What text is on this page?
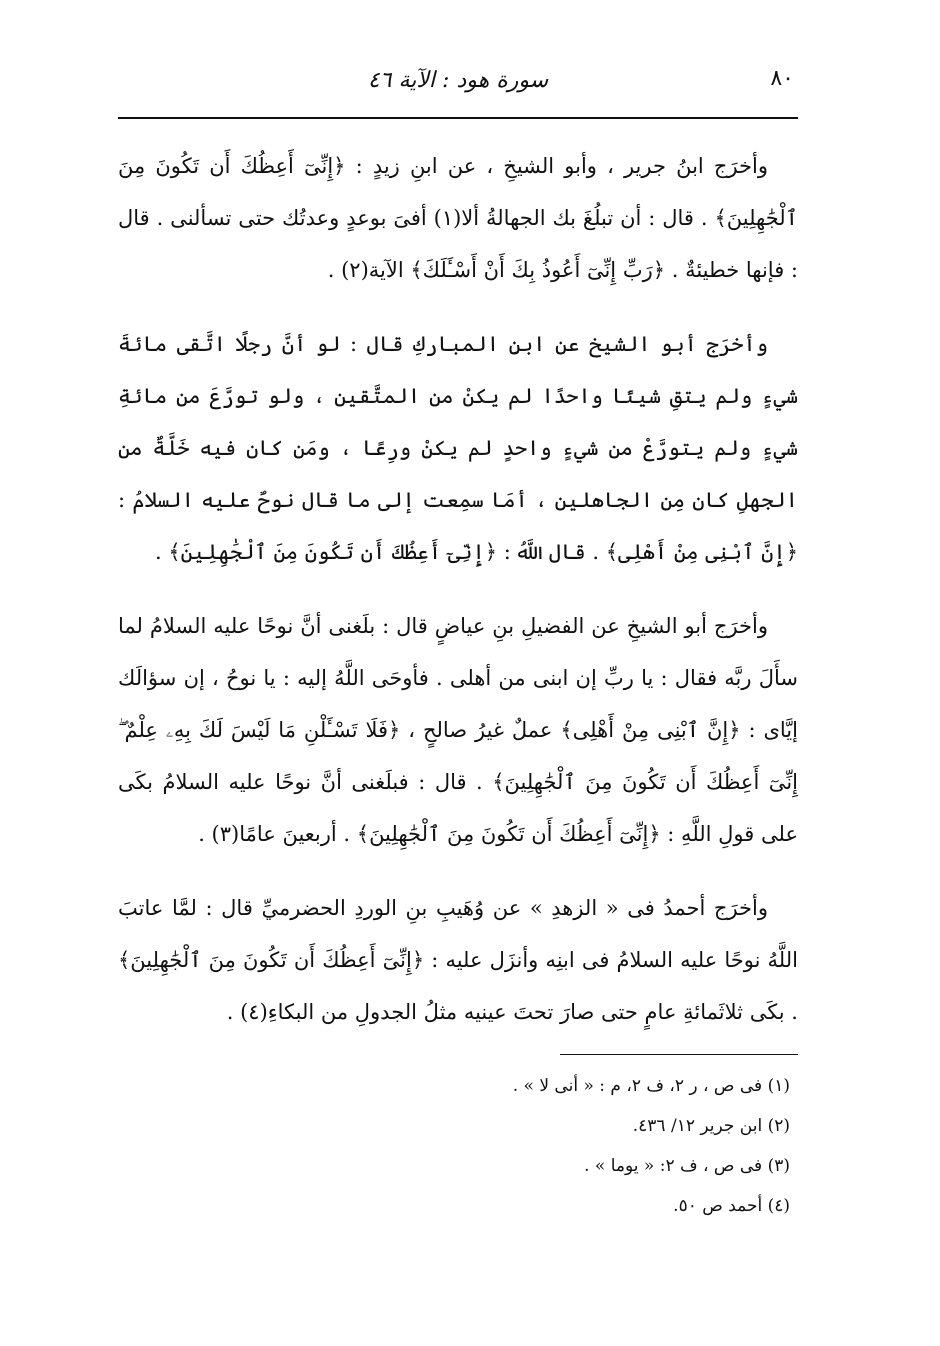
٨٠
سورة هود : الآية ٤٦

وأخرَج ابنُ جرير ، وأبو الشيخِ ، عن ابنِ زيدٍ : ﴿إِنِّىٓ أَعِظُكَ أَن تَكُونَ مِنَ ٱلْجَٰهِلِينَ﴾ . قال : أن تبلُغَ بك الجهالةُ ألا(١) أفىَ بوعدٍ وعدتُك حتى تسألنى . قال : فإنها خطيئةٌ . ﴿رَبِّ إِنِّىٓ أَعُوذُ بِكَ أَنْ أَسْـَٔلَكَ﴾ الآية(٢) .

وأخرَج أبو الشيخ عن ابنِ المباركِ قال : لو أنَّ رجلًا اتَّقى مائةَ شيءٍ ولم يتقِ شيئًا واحدًا لم يكنْ من المتَّقين ، ولو تورَّعَ من مائةِ شيءٍ ولم يتورَّعْ من شيءٍ واحدٍ لم يكنْ ورِعًا ، ومَن كان فيه خَلَّةٌ من الجهلِ كان مِن الجاهلين ، أمَا سمِعت إلى ما قال نوحٌ عليه السلامُ : ﴿إِنَّ ٱبْنِى مِنْ أَهْلِى﴾ . قال اللَّهُ : ﴿إِنِّىٓ أَعِظُكَ أَن تَكُونَ مِنَ ٱلْجَٰهِلِينَ﴾ .

وأخرَج أبو الشيخِ عن الفضيلِ بنِ عياضٍ قال : بلَغنى أنَّ نوحًا عليه السلامُ لما سأَلَ ربَّه فقال : يا ربِّ إن ابنى من أهلى . فأوحَى اللَّهُ إليه : يا نوحُ ، إن سؤالَك إيَّاى : ﴿إِنَّ ٱبْنِى مِنْ أَهْلِى﴾ عملٌ غيرُ صالحٍ ، ﴿فَلَا تَسْـَٔلْنِ مَا لَيْسَ لَكَ بِهِۦ عِلْمٌ ۖ إِنِّىٓ أَعِظُكَ أَن تَكُونَ مِنَ ٱلْجَٰهِلِينَ﴾ . قال : فبلَغنى أنَّ نوحًا عليه السلامُ بكَى على قولِ اللَّهِ : ﴿إِنِّىٓ أَعِظُكَ أَن تَكُونَ مِنَ ٱلْجَٰهِلِينَ﴾ . أربعينَ عامًا(٣) .

وأخرَج أحمدُ فى « الزهدِ » عن وُهَيبِ بنِ الوردِ الحضرميِّ قال : لمَّا عاتبَ اللَّهُ نوحًا عليه السلامُ فى ابنِه وأنزَل عليه : ﴿إِنِّىٓ أَعِظُكَ أَن تَكُونَ مِنَ ٱلْجَٰهِلِينَ﴾ . بكَى ثلاثَمائةِ عامٍ حتى صارَ تحتَ عينيه مثلُ الجدولِ من البكاءِ(٤) .

(١) فى ص ، ر ٢، ف ٢، م : « أنى لا » .
(٢) ابن جرير ١٢/ ٤٣٦.
(٣) فى ص ، ف ٢: « يوما » .
(٤) أحمد ص ٥٠.
